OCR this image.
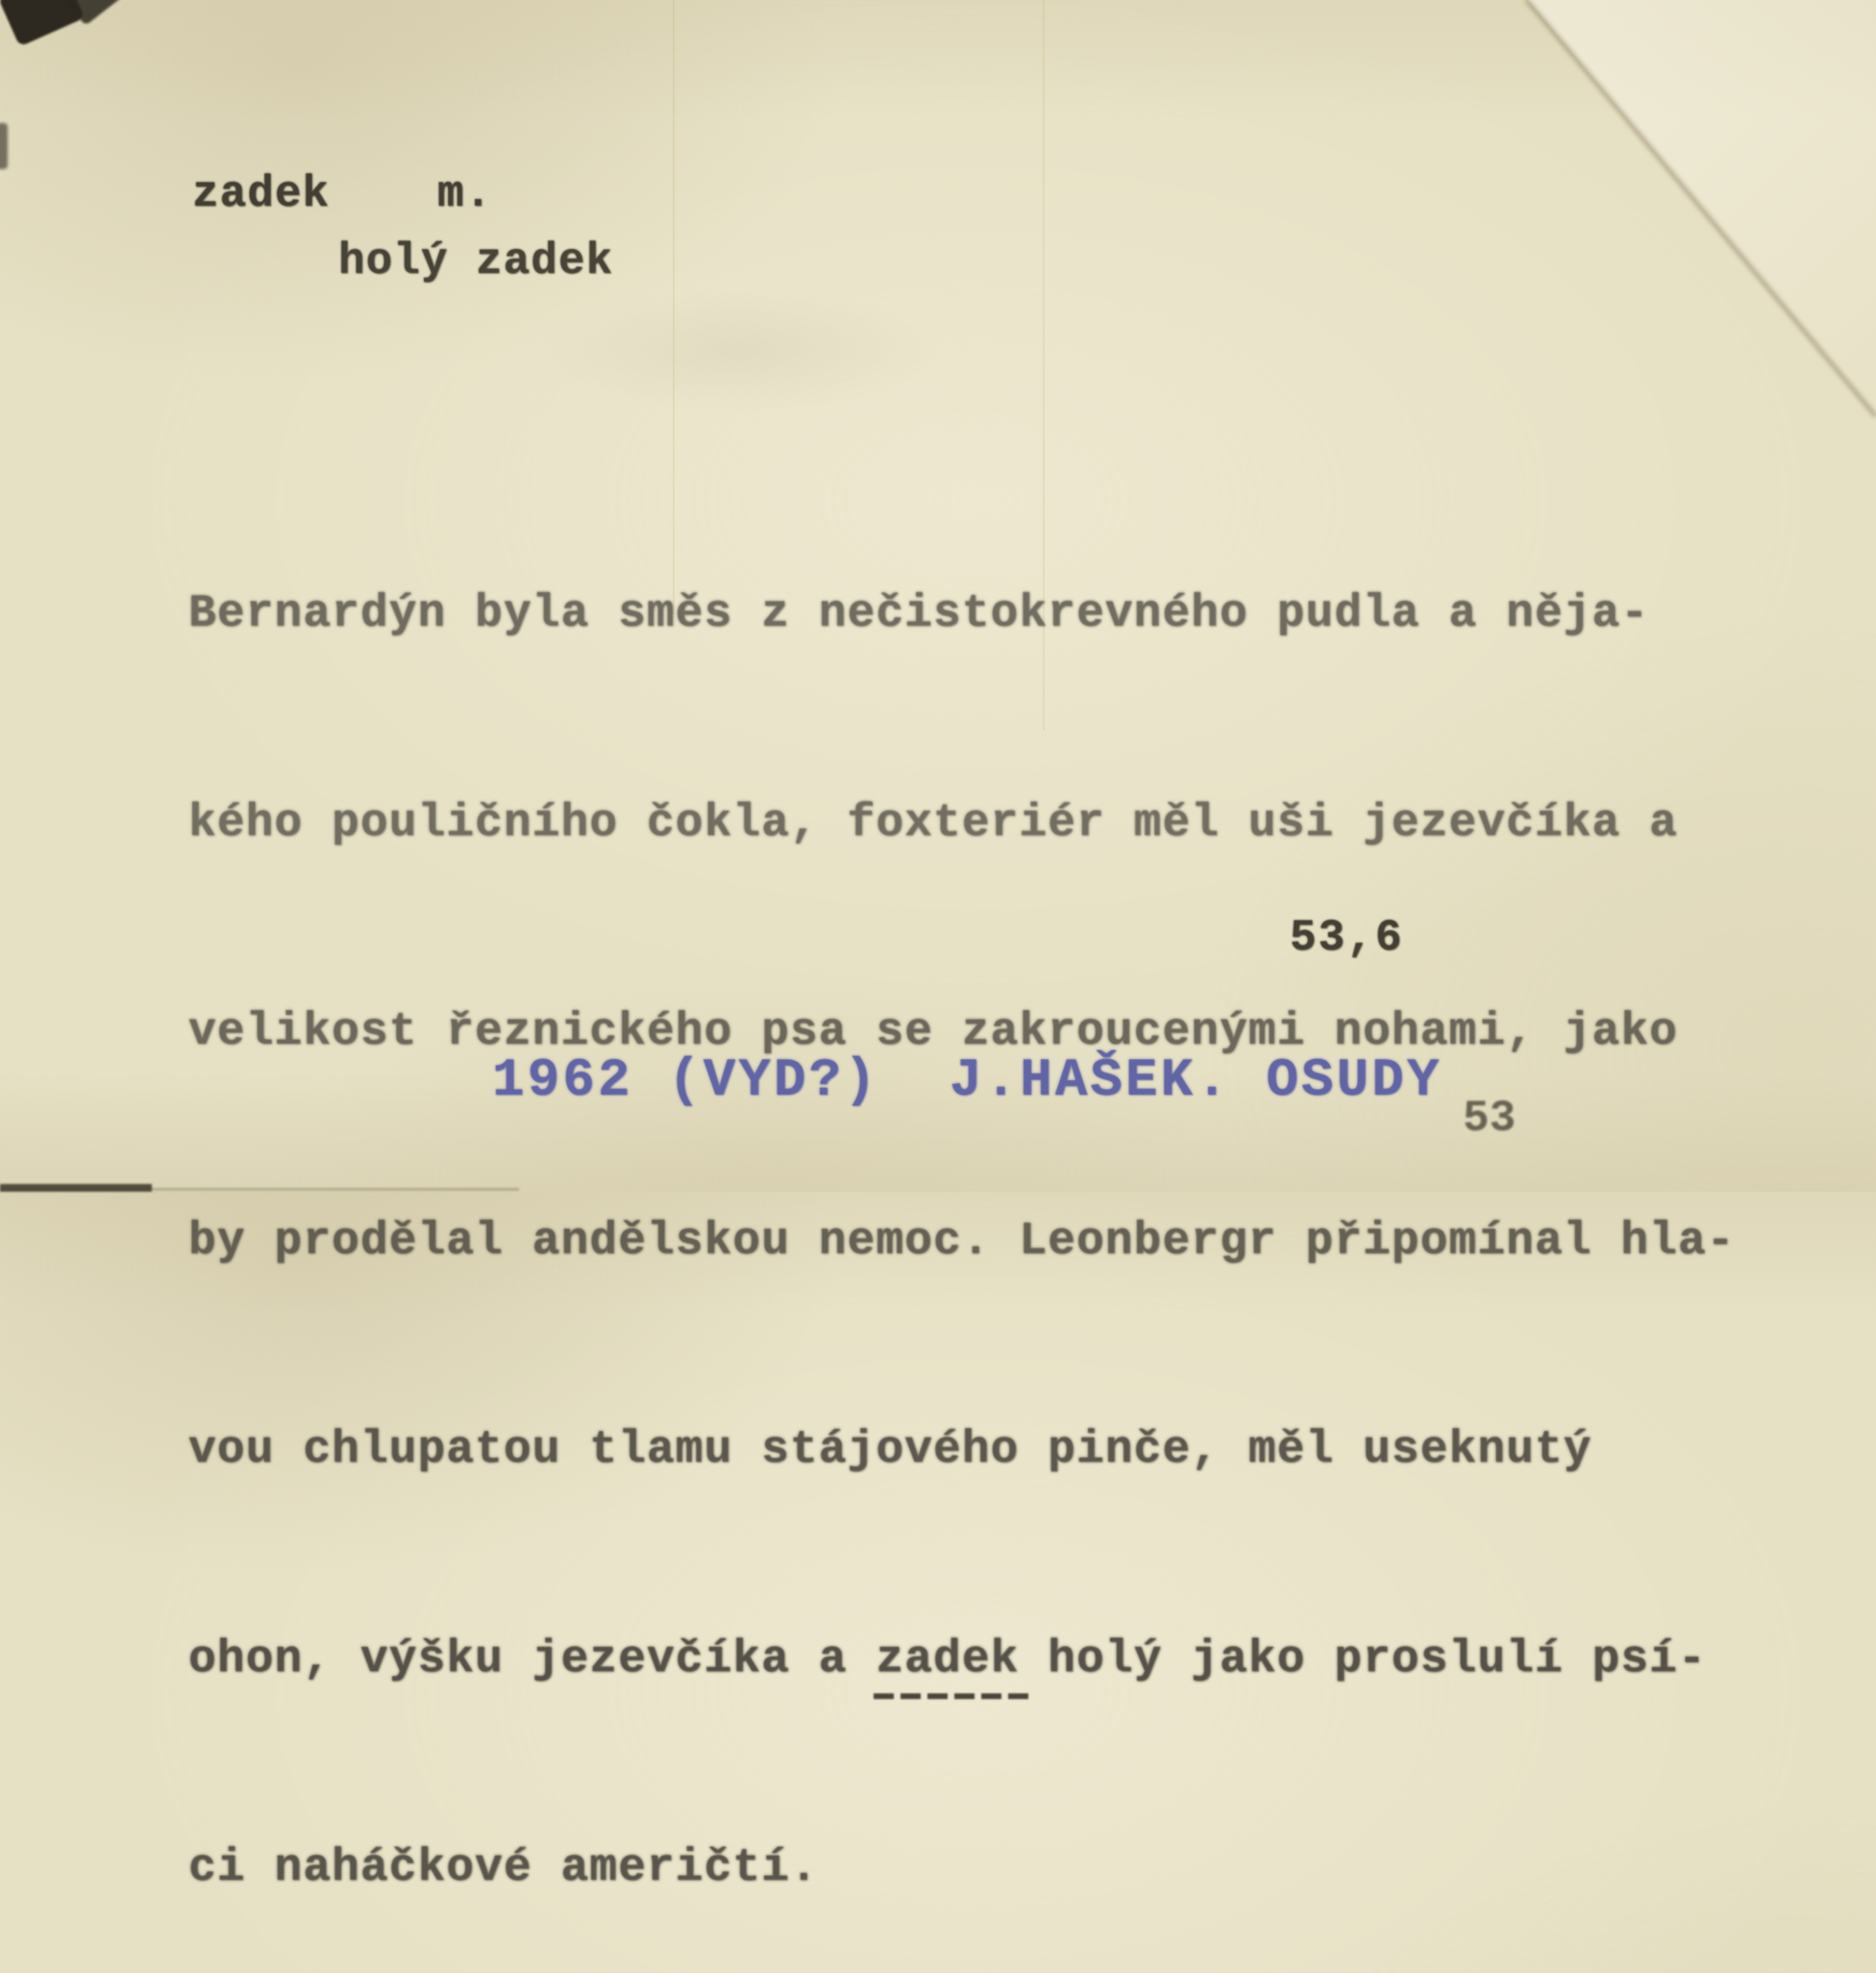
zadek m.
holý zadek

Bernardýn byla směs z nečistokrevného pudla a něja-

kého pouličního čokla, foxteriér měl uši jezevčíka a

velikost řeznického psa se zakroucenými nohami, jako

by prodělal andělskou nemoc. Leonbergr připomínal hla-

vou chlupatou tlamu stájového pinče, měl useknutý

ohon, výšku jezevčíka a zadek holý jako proslulí psí-

ci naháčkové američtí.

53,6
1962 (VYD?)  J.HAŠEK. OSUDY
53
